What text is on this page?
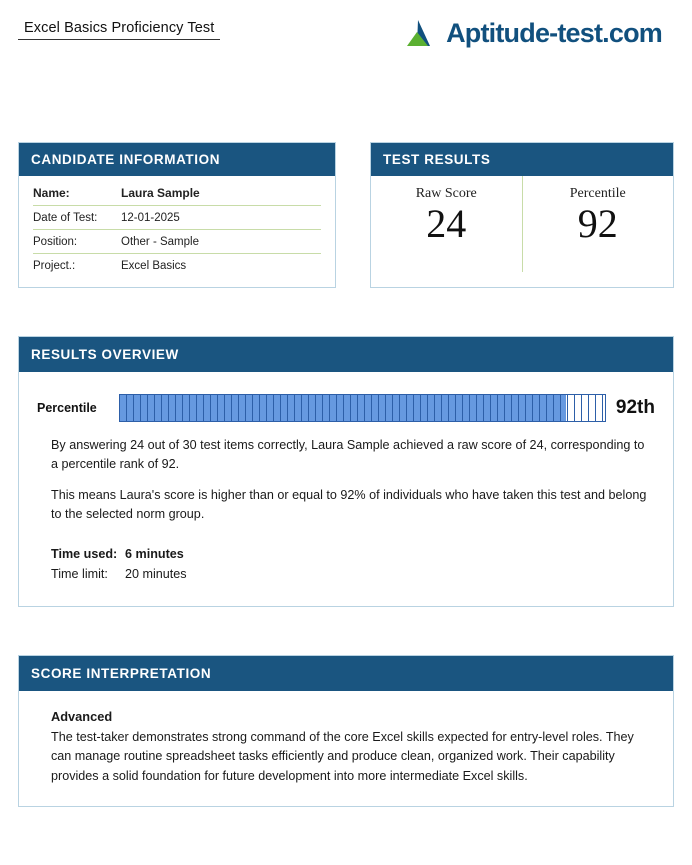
Excel Basics Proficiency Test	Aptitude-test.com
CANDIDATE INFORMATION
Name:	Laura Sample
Date of Test:	12-01-2025
Position:	Other - Sample
Project.:	Excel Basics
TEST RESULTS
Raw Score
24
Percentile
92
RESULTS OVERVIEW
Percentile	92th
By answering 24 out of 30 test items correctly, Laura Sample achieved a raw score of 24, corresponding to a percentile rank of 92.
This means Laura's score is higher than or equal to 92% of individuals who have taken this test and belong to the selected norm group.
Time used: 6 minutes
Time limit: 20 minutes
SCORE INTERPRETATION
Advanced
The test-taker demonstrates strong command of the core Excel skills expected for entry-level roles. They can manage routine spreadsheet tasks efficiently and produce clean, organized work. Their capability provides a solid foundation for future development into more intermediate Excel skills.
